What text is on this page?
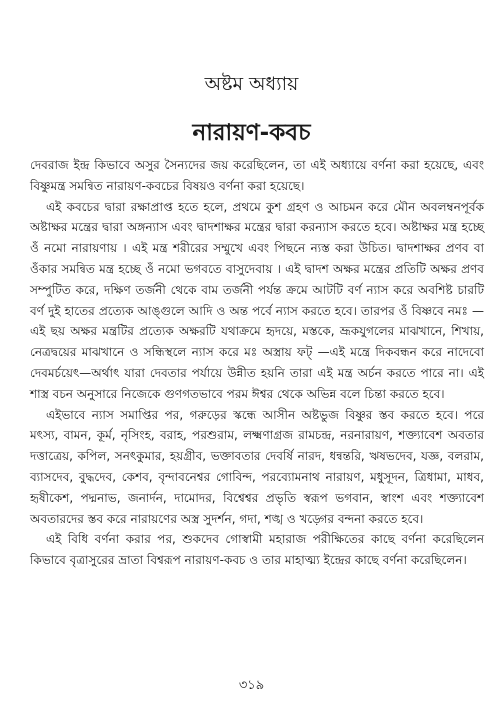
অষ্টম অধ্যায়
নারায়ণ-কবচ

দেবরাজ ইন্দ্র কিভাবে অসুর সৈন্যদের জয় করেছিলেন, তা এই অধ্যায়ে বর্ণনা করা হয়েছে, এবং বিষ্ণুমন্ত্র সমন্বিত নারায়ণ-কবচের বিষয়ও বর্ণনা করা হয়েছে।

এই কবচের দ্বারা রক্ষাপ্রাপ্ত হতে হলে, প্রথমে কুশ গ্রহণ ও আচমন করে মৌন অবলম্বনপূর্বক অষ্টাক্ষর মন্ত্রের দ্বারা অঙ্গন্যাস এবং দ্বাদশাক্ষর মন্ত্রের দ্বারা করন্যাস করতে হবে। অষ্টাক্ষর মন্ত্র হচ্ছে ওঁ নমো নারায়ণায় । এই মন্ত্র শরীরের সম্মুখে এবং পিছনে ন্যস্ত করা উচিত। দ্বাদশাক্ষর প্রণব বা ওঁকার সমন্বিত মন্ত্র হচ্ছে ওঁ নমো ভগবতে বাসুদেবায় । এই দ্বাদশ অক্ষর মন্ত্রের প্রতিটি অক্ষর প্রণব সম্পুটিত করে, দক্ষিণ তর্জনী থেকে বাম তর্জনী পর্যন্ত ক্রমে আটটি বর্ণ ন্যাস করে অবশিষ্ট চারটি বর্ণ দুই হাতের প্রত্যেক আঙ্গুলে আদি ও অন্ত পর্বে ন্যাস করতে হবে। তারপর ওঁ বিষ্ণবে নমঃ —এই ছয় অক্ষর মন্ত্রটির প্রত্যেক অক্ষরটি যথাক্রমে হৃদয়ে, মস্তকে, ভ্রূকযুগলের মাঝখানে, শিখায়, নেত্রদ্বয়ের মাঝখানে ও সন্ধিস্থলে ন্যাস করে মঃ অস্ত্রায় ফট্ —এই মন্ত্রে দিকবন্ধন করে নাদেবো দেবমর্চয়েৎ—অর্থাৎ যারা দেবতার পর্যায়ে উন্নীত হয়নি তারা এই মন্ত্র অর্চন করতে পারে না। এই শাস্ত্র বচন অনুসারে নিজেকে গুণগতভাবে পরম ঈশ্বর থেকে অভিন্ন বলে চিন্তা করতে হবে।

এইভাবে ন্যাস সমাপ্তির পর, গরুড়ের স্কন্ধে আসীন অষ্টভুজ বিষ্ণুর স্তব করতে হবে। পরে মৎস্য, বামন, কূর্ম, নৃসিংহ, বরাহ, পরশুরাম, লক্ষ্মণাগ্রজ রামচন্দ্র, নরনারায়ণ, শক্ত্যাবেশ অবতার দত্তাত্রেয়, কপিল, সনৎকুমার, হয়গ্রীব, ভক্তাবতার দেবর্ষি নারদ, ধন্বন্তরি, ঋষভদেব, যজ্ঞ, বলরাম, ব্যাসদেব, বুদ্ধদেব, কেশব, বৃন্দাবনেশ্বর গোবিন্দ, পরব্যোমনাথ নারায়ণ, মধুসূদন, ত্রিধামা, মাধব, হৃষীকেশ, পদ্মনাভ, জনার্দন, দামোদর, বিশ্বেশ্বর প্রভৃতি স্বরূপ ভগবান, স্বাংশ এবং শক্ত্যাবেশ অবতারদের স্তব করে নারায়ণের অস্ত্র সুদর্শন, গদা, শঙ্খ ও খড়্গের বন্দনা করতে হবে।

এই বিধি বর্ণনা করার পর, শুকদেব গোস্বামী মহারাজ পরীক্ষিতের কাছে বর্ণনা করেছিলেন কিভাবে বৃত্রাসুরের ভ্রাতা বিশ্বরূপ নারায়ণ-কবচ ও তার মাহাত্ম্য ইন্দ্রের কাছে বর্ণনা করেছিলেন।

৩১৯
